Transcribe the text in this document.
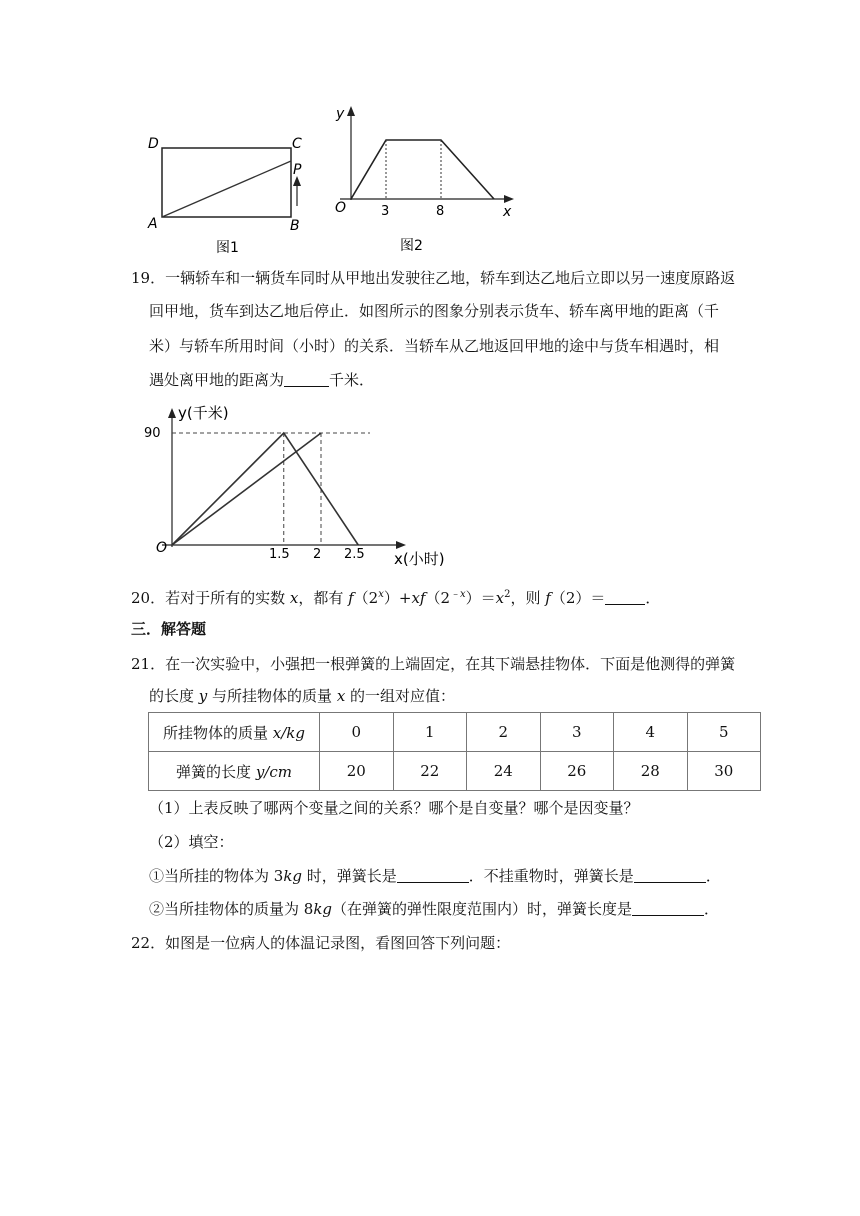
D	C
P
A	B
图1
y
O	x
3	8
图2
19．一辆轿车和一辆货车同时从甲地出发驶往乙地，轿车到达乙地后立即以另一速度原路返
回甲地，货车到达乙地后停止．如图所示的图象分别表示货车、轿车离甲地的距离（千
米）与轿车所用时间（小时）的关系．当轿车从乙地返回甲地的途中与货车相遇时，相
遇处离甲地的距离为	千米．
y(千米)
x(小时)
O
90
1.5 2 2.5
20．若对于所有的实数 x，都有 $f(2^x)+xf(2^{﹣x})=x^2$，则 f（2）＝	．
三．解答题
21．在一次实验中，小强把一根弹簧的上端固定，在其下端悬挂物体．下面是他测得的弹簧
的长度 y 与所挂物体的质量 x 的一组对应值：
所挂物体的质量 x/kg	0	1	2	3	4	5
弹簧的长度 y/cm	20	22	24	26	28	30
（1）上表反映了哪两个变量之间的关系？哪个是自变量？哪个是因变量？
（2）填空：
①当所挂的物体为 3kg 时，弹簧长是	．不挂重物时，弹簧长是	．
②当所挂物体的质量为 8kg（在弹簧的弹性限度范围内）时，弹簧长度是	．
22．如图是一位病人的体温记录图，看图回答下列问题：
